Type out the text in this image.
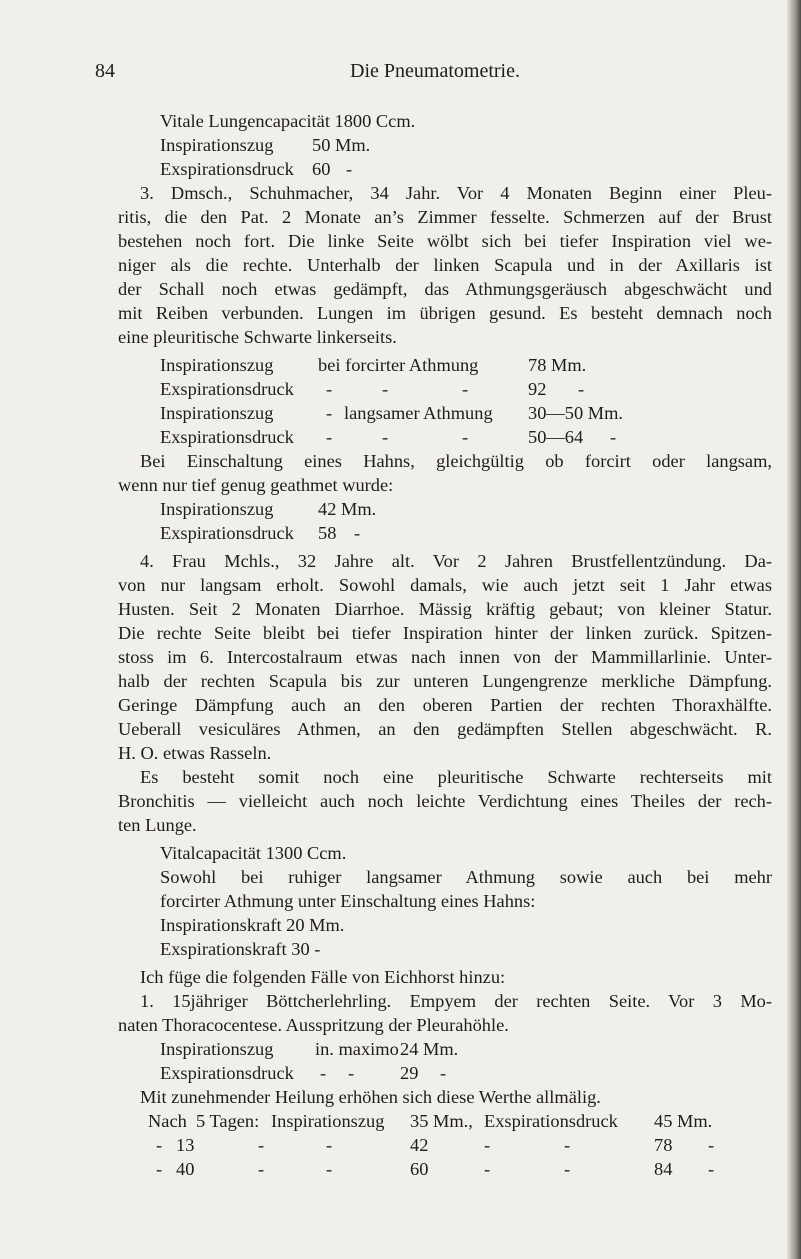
84	Die Pneumatometrie.
Vitale Lungencapacität 1800 Ccm.
Inspirationszug 50 Mm.
Exspirationsdruck 60 -
3. Dmsch., Schuhmacher, 34 Jahr. Vor 4 Monaten Beginn einer Pleu-
ritis, die den Pat. 2 Monate an’s Zimmer fesselte. Schmerzen auf der Brust
bestehen noch fort. Die linke Seite wölbt sich bei tiefer Inspiration viel we-
niger als die rechte. Unterhalb der linken Scapula und in der Axillaris ist
der Schall noch etwas gedämpft, das Athmungsgeräusch abgeschwächt und
mit Reiben verbunden. Lungen im übrigen gesund. Es besteht demnach noch
eine pleuritische Schwarte linkerseits.
Inspirationszug bei forcirter Athmung	78 Mm.
Exspirationsdruck -	-	-	92 -
Inspirationszug	- langsamer Athmung 30—50 Mm.
Exspirationsdruck -	-	-	50—64 -
Bei Einschaltung eines Hahns, gleichgültig ob forcirt oder langsam,
wenn nur tief genug geathmet wurde:
Inspirationszug 42 Mm.
Exspirationsdruck 58 -
4. Frau Mchls., 32 Jahre alt. Vor 2 Jahren Brustfellentzündung. Da-
von nur langsam erholt. Sowohl damals, wie auch jetzt seit 1 Jahr etwas
Husten. Seit 2 Monaten Diarrhoe. Mässig kräftig gebaut; von kleiner Statur.
Die rechte Seite bleibt bei tiefer Inspiration hinter der linken zurück. Spitzen-
stoss im 6. Intercostalraum etwas nach innen von der Mammillarlinie. Unter-
halb der rechten Scapula bis zur unteren Lungengrenze merkliche Dämpfung.
Geringe Dämpfung auch an den oberen Partien der rechten Thoraxhälfte.
Ueberall vesiculäres Athmen, an den gedämpften Stellen abgeschwächt. R.
H. O. etwas Rasseln.
Es besteht somit noch eine pleuritische Schwarte rechterseits mit
Bronchitis — vielleicht auch noch leichte Verdichtung eines Theiles der rech-
ten Lunge.
Vitalcapacität 1300 Ccm.
Sowohl bei ruhiger langsamer Athmung sowie auch bei mehr
forcirter Athmung unter Einschaltung eines Hahns:
Inspirationskraft 20 Mm.
Exspirationskraft 30 -
Ich füge die folgenden Fälle von Eichhorst hinzu:
1. 15jähriger Böttcherlehrling. Empyem der rechten Seite. Vor 3 Mo-
naten Thoracocentese. Ausspritzung der Pleurahöhle.
Inspirationszug in. maximo 24 Mm.
Exspirationsdruck - - 29 -
Mit zunehmender Heilung erhöhen sich diese Werthe allmälig.
Nach 5 Tagen: Inspirationszug 35 Mm., Exspirationsdruck 45 Mm.
- 13	-	-	42	-	-	78 -
- 40	-	-	60	-	-	84 -
